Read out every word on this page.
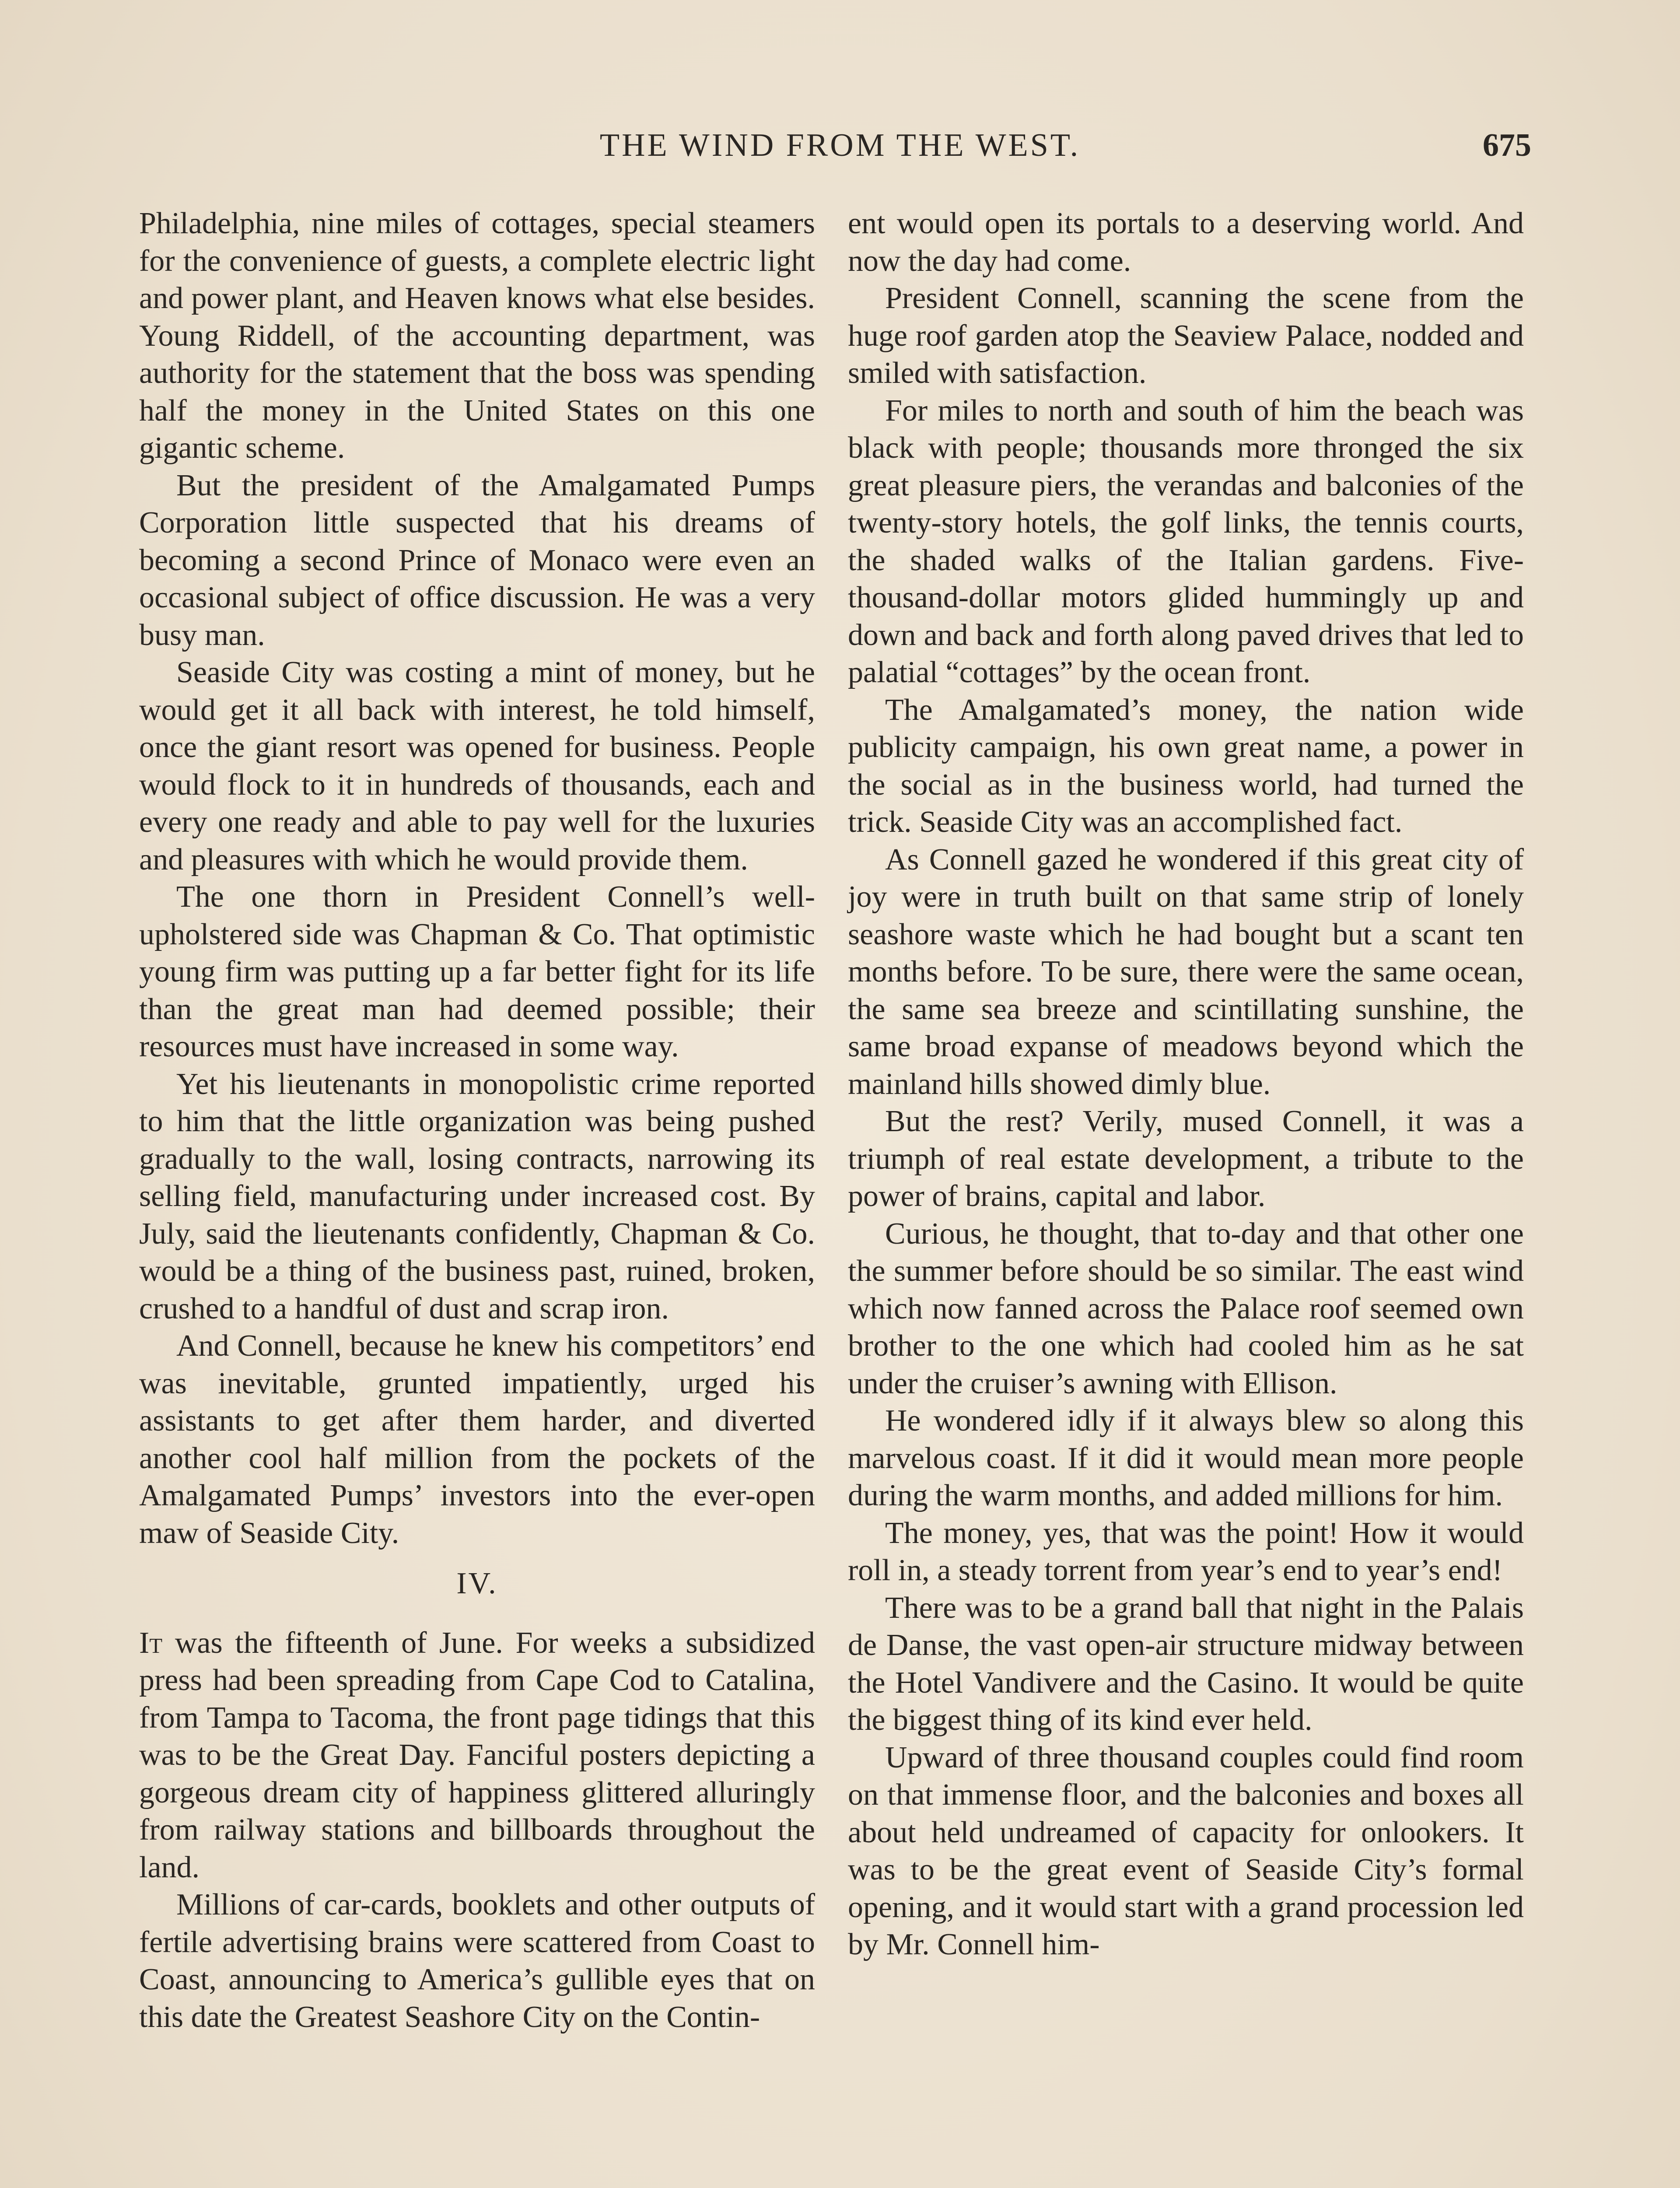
THE WIND FROM THE WEST.	675

Philadelphia, nine miles of cottages, special steamers for the convenience of guests, a complete electric light and power plant, and Heaven knows what else besides. Young Riddell, of the accounting department, was authority for the statement that the boss was spending half the money in the United States on this one gigantic scheme.

But the president of the Amalgamated Pumps Corporation little suspected that his dreams of becoming a second Prince of Monaco were even an occasional subject of office discussion. He was a very busy man.

Seaside City was costing a mint of money, but he would get it all back with interest, he told himself, once the giant resort was opened for business. People would flock to it in hundreds of thousands, each and every one ready and able to pay well for the luxuries and pleasures with which he would provide them.

The one thorn in President Connell’s well-upholstered side was Chapman & Co. That optimistic young firm was putting up a far better fight for its life than the great man had deemed possible; their resources must have increased in some way.

Yet his lieutenants in monopolistic crime reported to him that the little organization was being pushed gradually to the wall, losing contracts, narrowing its selling field, manufacturing under increased cost. By July, said the lieutenants confidently, Chapman & Co. would be a thing of the business past, ruined, broken, crushed to a handful of dust and scrap iron.

And Connell, because he knew his competitors’ end was inevitable, grunted impatiently, urged his assistants to get after them harder, and diverted another cool half million from the pockets of the Amalgamated Pumps’ investors into the ever-open maw of Seaside City.

IV.

It was the fifteenth of June. For weeks a subsidized press had been spreading from Cape Cod to Catalina, from Tampa to Tacoma, the front page tidings that this was to be the Great Day. Fanciful posters depicting a gorgeous dream city of happiness glittered alluringly from railway stations and billboards throughout the land.

Millions of car-cards, booklets and other outputs of fertile advertising brains were scattered from Coast to Coast, announcing to America’s gullible eyes that on this date the Greatest Seashore City on the Contin-

ent would open its portals to a deserving world. And now the day had come.

President Connell, scanning the scene from the huge roof garden atop the Seaview Palace, nodded and smiled with satisfaction.

For miles to north and south of him the beach was black with people; thousands more thronged the six great pleasure piers, the verandas and balconies of the twenty-story hotels, the golf links, the tennis courts, the shaded walks of the Italian gardens. Five-thousand-dollar motors glided hummingly up and down and back and forth along paved drives that led to palatial “cottages” by the ocean front.

The Amalgamated’s money, the nation wide publicity campaign, his own great name, a power in the social as in the business world, had turned the trick. Seaside City was an accomplished fact.

As Connell gazed he wondered if this great city of joy were in truth built on that same strip of lonely seashore waste which he had bought but a scant ten months before. To be sure, there were the same ocean, the same sea breeze and scintillating sunshine, the same broad expanse of meadows beyond which the mainland hills showed dimly blue.

But the rest? Verily, mused Connell, it was a triumph of real estate development, a tribute to the power of brains, capital and labor.

Curious, he thought, that to-day and that other one the summer before should be so similar. The east wind which now fanned across the Palace roof seemed own brother to the one which had cooled him as he sat under the cruiser’s awning with Ellison.

He wondered idly if it always blew so along this marvelous coast. If it did it would mean more people during the warm months, and added millions for him.

The money, yes, that was the point! How it would roll in, a steady torrent from year’s end to year’s end!

There was to be a grand ball that night in the Palais de Danse, the vast open-air structure midway between the Hotel Vandivere and the Casino. It would be quite the biggest thing of its kind ever held.

Upward of three thousand couples could find room on that immense floor, and the balconies and boxes all about held undreamed of capacity for onlookers. It was to be the great event of Seaside City’s formal opening, and it would start with a grand procession led by Mr. Connell him-
